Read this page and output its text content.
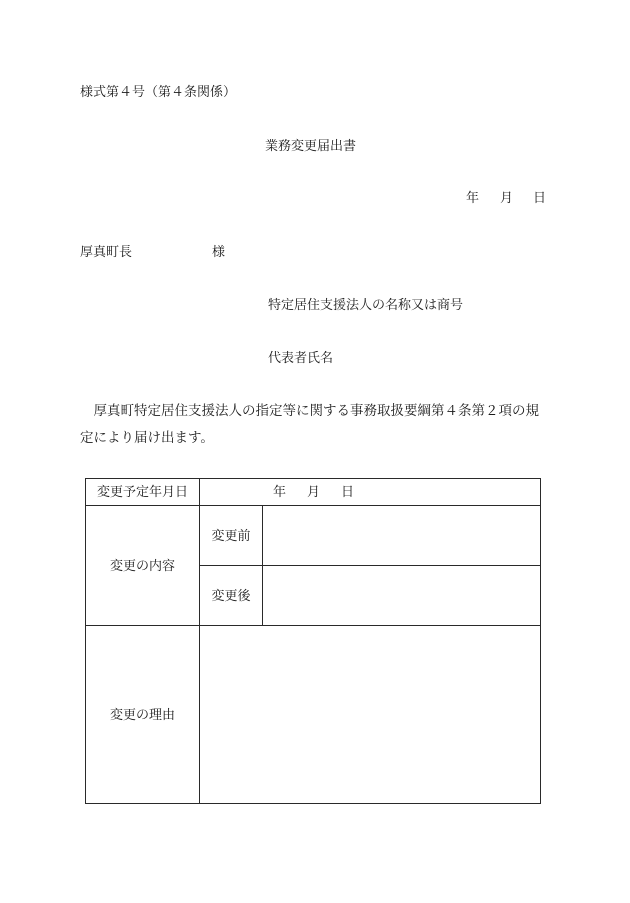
様式第４号（第４条関係）
業務変更届出書
年 月 日
厚真町長	様
特定居住支援法人の名称又は商号
代表者氏名
厚真町特定居住支援法人の指定等に関する事務取扱要綱第４条第２項の規定により届け出ます。
変更予定年月日	年 月 日	

変更の内容	変更前	
	変更後	
変更の理由		
